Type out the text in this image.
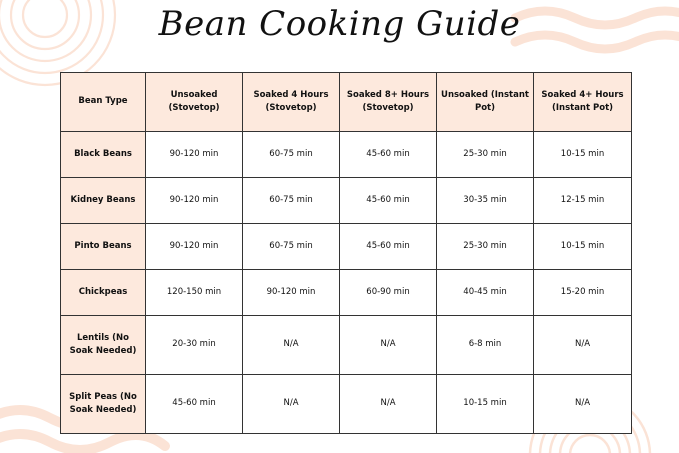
Bean Cooking Guide
Bean Type	Unsoaked (Stovetop)	Soaked 4 Hours (Stovetop)	Soaked 8+ Hours (Stovetop)	Unsoaked (Instant Pot)	Soaked 4+ Hours (Instant Pot)
Black Beans	90-120 min	60-75 min	45-60 min	25-30 min	10-15 min
Kidney Beans	90-120 min	60-75 min	45-60 min	30-35 min	12-15 min
Pinto Beans	90-120 min	60-75 min	45-60 min	25-30 min	10-15 min
Chickpeas	120-150 min	90-120 min	60-90 min	40-45 min	15-20 min
Lentils (No Soak Needed)	20-30 min	N/A	N/A	6-8 min	N/A
Split Peas (No Soak Needed)	45-60 min	N/A	N/A	10-15 min	N/A
